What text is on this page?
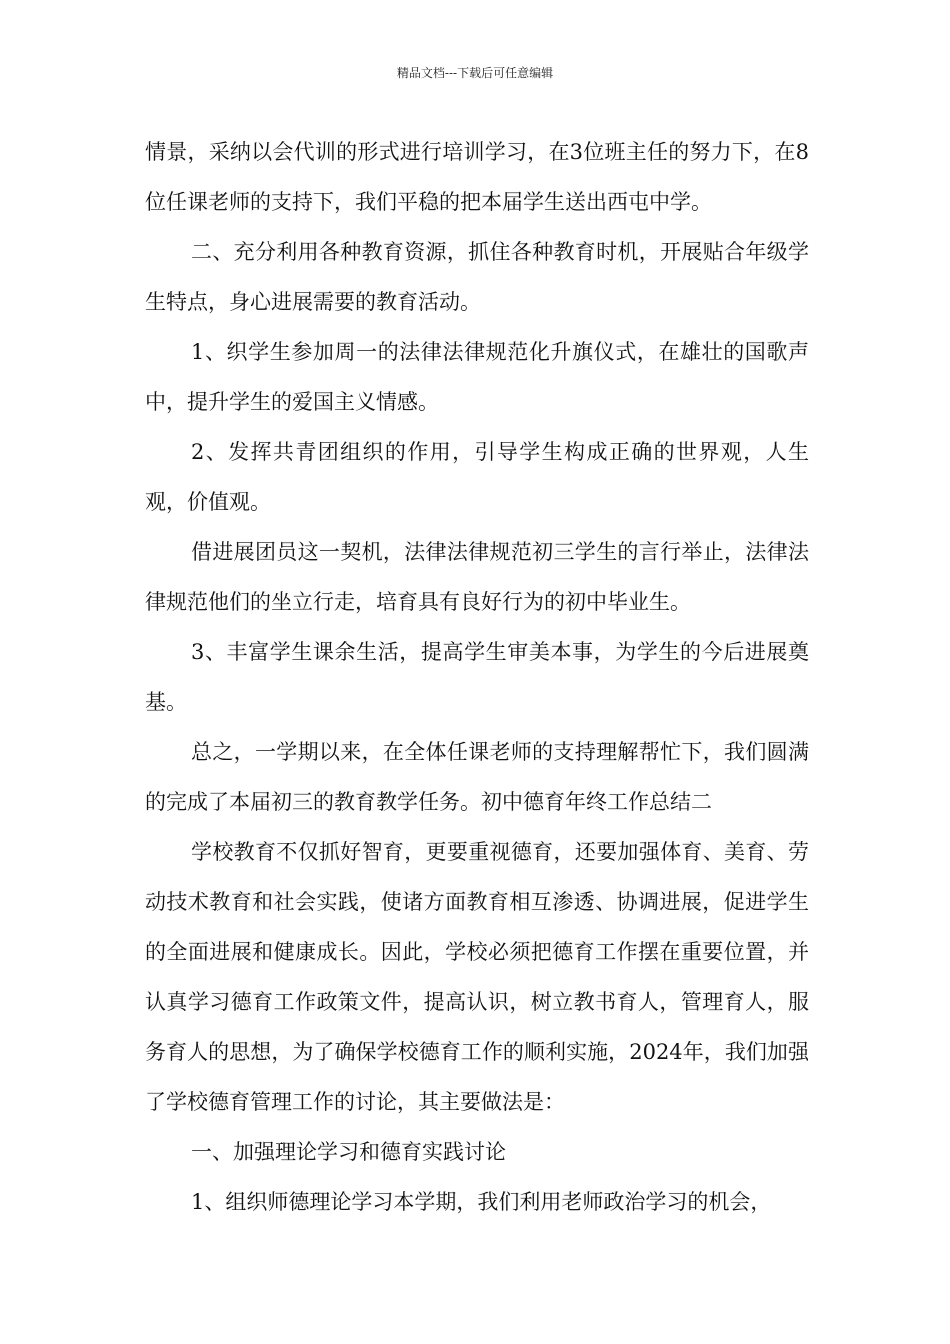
精品文档---下载后可任意编辑

情景，采纳以会代训的形式进行培训学习，在3位班主任的努力下，在8位任课老师的支持下，我们平稳的把本届学生送出西屯中学。

二、充分利用各种教育资源，抓住各种教育时机，开展贴合年级学生特点，身心进展需要的教育活动。

1、织学生参加周一的法律法律规范化升旗仪式，在雄壮的国歌声中，提升学生的爱国主义情感。

2、发挥共青团组织的作用，引导学生构成正确的世界观，人生观，价值观。

借进展团员这一契机，法律法律规范初三学生的言行举止，法律法律规范他们的坐立行走，培育具有良好行为的初中毕业生。

3、丰富学生课余生活，提高学生审美本事，为学生的今后进展奠基。

总之，一学期以来，在全体任课老师的支持理解帮忙下，我们圆满的完成了本届初三的教育教学任务。初中德育年终工作总结二

学校教育不仅抓好智育，更要重视德育，还要加强体育、美育、劳动技术教育和社会实践，使诸方面教育相互渗透、协调进展，促进学生的全面进展和健康成长。因此，学校必须把德育工作摆在重要位置，并认真学习德育工作政策文件，提高认识，树立教书育人，管理育人，服务育人的思想，为了确保学校德育工作的顺利实施，2024年，我们加强了学校德育管理工作的讨论，其主要做法是：

一、加强理论学习和德育实践讨论

1、组织师德理论学习本学期，我们利用老师政治学习的机会，
